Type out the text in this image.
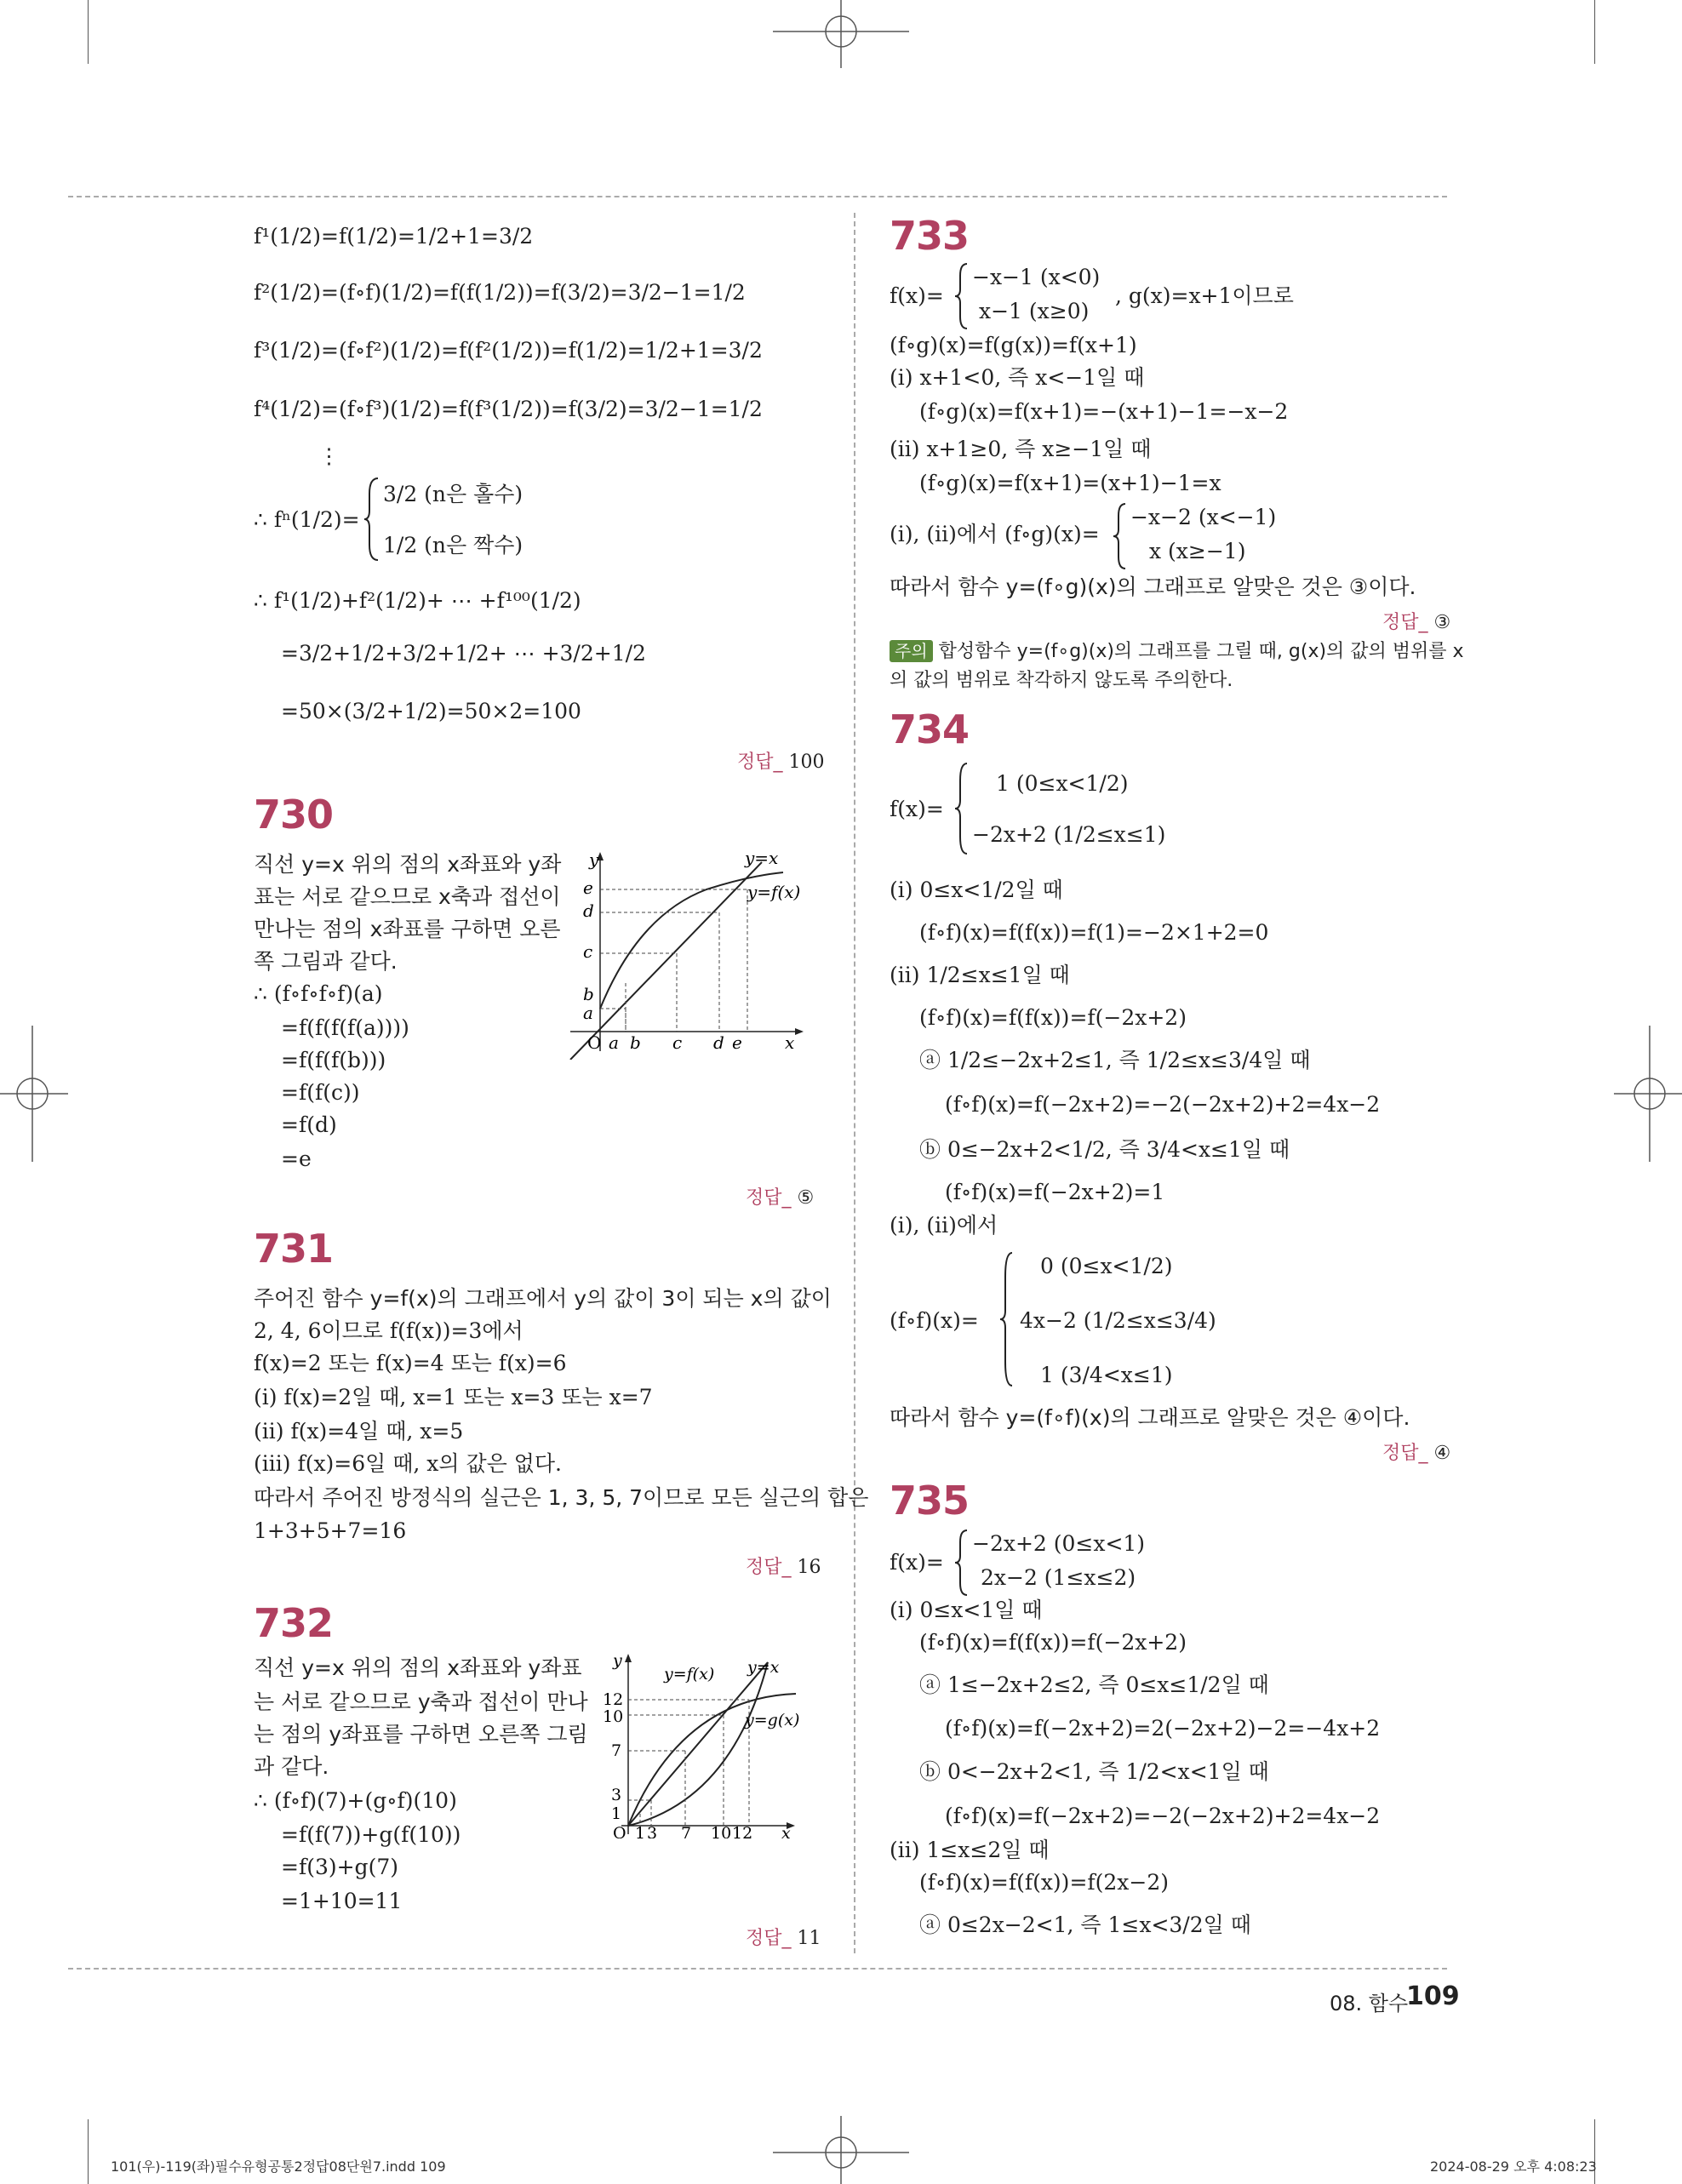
f¹(1/2)=f(1/2)=1/2+1=3/2
f²(1/2)=(f∘f)(1/2)=f(f(1/2))=f(3/2)=3/2−1=1/2
f³(1/2)=(f∘f²)(1/2)=f(f²(1/2))=f(1/2)=1/2+1=3/2
f⁴(1/2)=(f∘f³)(1/2)=f(f³(1/2))=f(3/2)=3/2−1=1/2
⋮
∴ fⁿ(1/2)=
3/2 (n은 홀수)
1/2 (n은 짝수)
∴ f¹(1/2)+f²(1/2)+ ⋯ +f¹⁰⁰(1/2)
=3/2+1/2+3/2+1/2+ ⋯ +3/2+1/2
=50×(3/2+1/2)=50×2=100
정답_ 100
730
직선 y=x 위의 점의 x좌표와 y좌
표는 서로 같으므로 x축과 접선이
만나는 점의 x좌표를 구하면 오른
쪽 그림과 같다.
∴ (f∘f∘f∘f)(a)
=f(f(f(f(a))))
=f(f(f(b)))
=f(f(c))
=f(d)
=e
y
e
d
c
b
a
O a b c d e	x
y=x
y=f(x)
정답_ ⑤
731
주어진 함수 y=f(x)의 그래프에서 y의 값이 3이 되는 x의 값이
2, 4, 6이므로 f(f(x))=3에서
f(x)=2 또는 f(x)=4 또는 f(x)=6
(ⅰ) f(x)=2일 때, x=1 또는 x=3 또는 x=7
(ⅱ) f(x)=4일 때, x=5
(ⅲ) f(x)=6일 때, x의 값은 없다.
따라서 주어진 방정식의 실근은 1, 3, 5, 7이므로 모든 실근의 합은
1+3+5+7=16
정답_ 16
732
직선 y=x 위의 점의 x좌표와 y좌표
는 서로 같으므로 y축과 접선이 만나
는 점의 y좌표를 구하면 오른쪽 그림
과 같다.
∴ (f∘f)(7)+(g∘f)(10)
=f(f(7))+g(f(10))
=f(3)+g(7)
=1+10=11
y
12
10
7
3
1
O 1 3 7 10 12 x
y=f(x) y=x
y=g(x)
정답_ 11
733
f(x)=
−x−1 (x<0)
x−1 (x≥0)
, g(x)=x+1이므로
(f∘g)(x)=f(g(x))=f(x+1)
(ⅰ) x+1<0, 즉 x<−1일 때
(f∘g)(x)=f(x+1)=−(x+1)−1=−x−2
(ⅱ) x+1≥0, 즉 x≥−1일 때
(f∘g)(x)=f(x+1)=(x+1)−1=x
(ⅰ), (ⅱ)에서 (f∘g)(x)=
−x−2 (x<−1)
x (x≥−1)
따라서 함수 y=(f∘g)(x)의 그래프로 알맞은 것은 ③이다.
정답_ ③
주의 합성함수 y=(f∘g)(x)의 그래프를 그릴 때, g(x)의 값의 범위를 x
의 값의 범위로 착각하지 않도록 주의한다.
734
f(x)=
1 (0≤x<1/2)
−2x+2 (1/2≤x≤1)
(ⅰ) 0≤x<1/2일 때
(f∘f)(x)=f(f(x))=f(1)=−2×1+2=0
(ⅱ) 1/2≤x≤1일 때
(f∘f)(x)=f(f(x))=f(−2x+2)
ⓐ 1/2≤−2x+2≤1, 즉 1/2≤x≤3/4일 때
(f∘f)(x)=f(−2x+2)=−2(−2x+2)+2=4x−2
ⓑ 0≤−2x+2<1/2, 즉 3/4<x≤1일 때
(f∘f)(x)=f(−2x+2)=1
(ⅰ), (ⅱ)에서
(f∘f)(x)=
0 (0≤x<1/2)
4x−2 (1/2≤x≤3/4)
1 (3/4<x≤1)
따라서 함수 y=(f∘f)(x)의 그래프로 알맞은 것은 ④이다.
정답_ ④
735
f(x)=
−2x+2 (0≤x<1)
2x−2 (1≤x≤2)
(ⅰ) 0≤x<1일 때
(f∘f)(x)=f(f(x))=f(−2x+2)
ⓐ 1≤−2x+2≤2, 즉 0≤x≤1/2일 때
(f∘f)(x)=f(−2x+2)=2(−2x+2)−2=−4x+2
ⓑ 0<−2x+2<1, 즉 1/2<x<1일 때
(f∘f)(x)=f(−2x+2)=−2(−2x+2)+2=4x−2
(ⅱ) 1≤x≤2일 때
(f∘f)(x)=f(f(x))=f(2x−2)
ⓐ 0≤2x−2<1, 즉 1≤x<3/2일 때
08. 함수
109
101(우)-119(좌)필수유형공통2정답08단원7.indd 109	2024-08-29 오후 4:08:23
